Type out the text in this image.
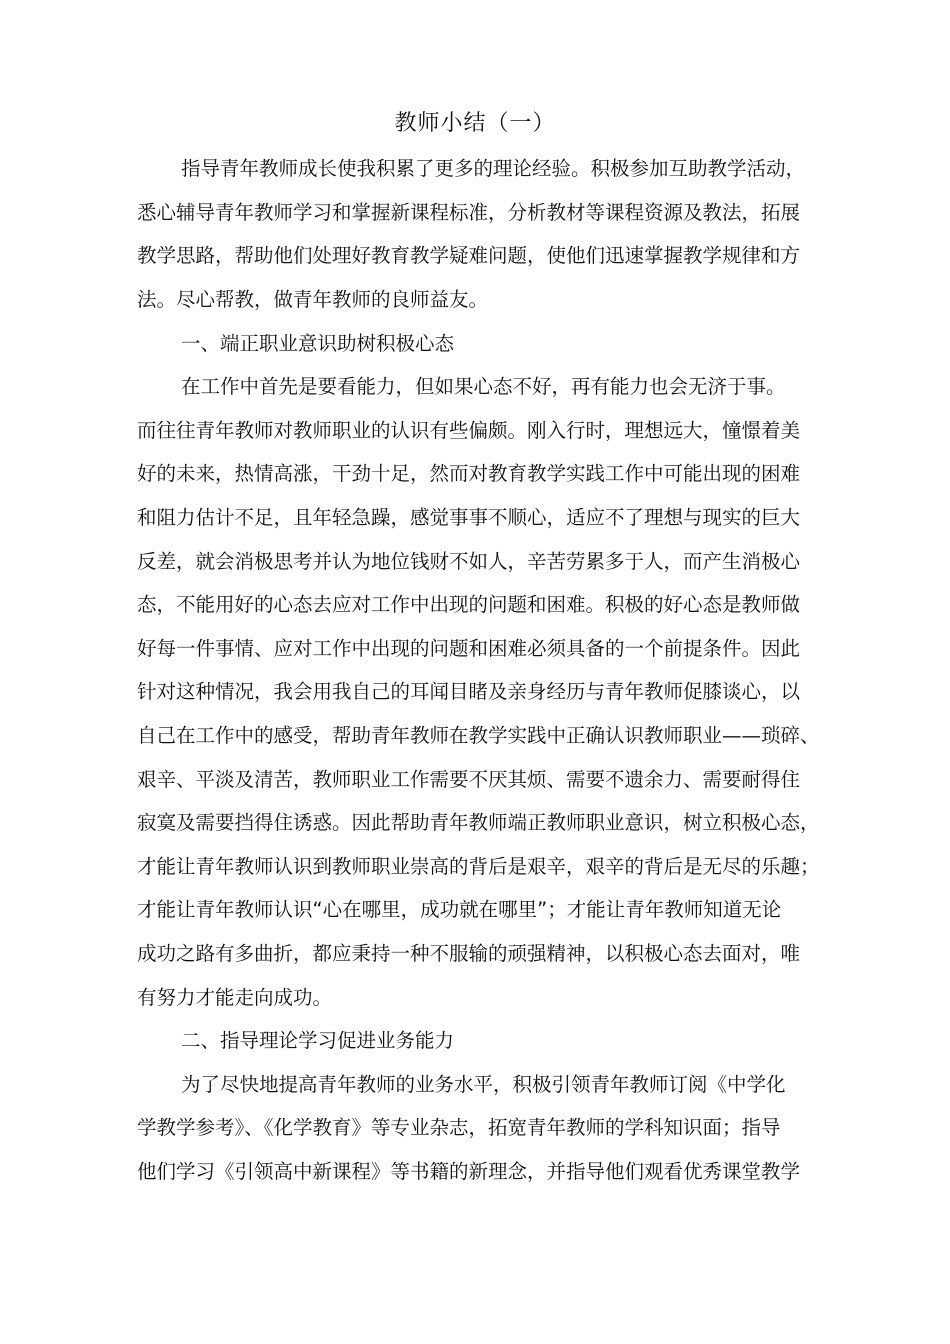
教师小结（一）
指导青年教师成长使我积累了更多的理论经验。积极参加互助教学活动，
悉心辅导青年教师学习和掌握新课程标准，分析教材等课程资源及教法，拓展
教学思路，帮助他们处理好教育教学疑难问题，使他们迅速掌握教学规律和方
法。尽心帮教，做青年教师的良师益友。
一、端正职业意识助树积极心态
在工作中首先是要看能力，但如果心态不好，再有能力也会无济于事。
而往往青年教师对教师职业的认识有些偏颇。刚入行时，理想远大，憧憬着美
好的未来，热情高涨，干劲十足，然而对教育教学实践工作中可能出现的困难
和阻力估计不足，且年轻急躁，感觉事事不顺心，适应不了理想与现实的巨大
反差，就会消极思考并认为地位钱财不如人，辛苦劳累多于人，而产生消极心
态，不能用好的心态去应对工作中出现的问题和困难。积极的好心态是教师做
好每一件事情、应对工作中出现的问题和困难必须具备的一个前提条件。因此
针对这种情况，我会用我自己的耳闻目睹及亲身经历与青年教师促膝谈心，以
自己在工作中的感受，帮助青年教师在教学实践中正确认识教师职业——琐碎、
艰辛、平淡及清苦，教师职业工作需要不厌其烦、需要不遗余力、需要耐得住
寂寞及需要挡得住诱惑。因此帮助青年教师端正教师职业意识，树立积极心态，
才能让青年教师认识到教师职业崇高的背后是艰辛，艰辛的背后是无尽的乐趣；
才能让青年教师认识“心在哪里，成功就在哪里”；才能让青年教师知道无论
成功之路有多曲折，都应秉持一种不服输的顽强精神，以积极心态去面对，唯
有努力才能走向成功。
二、指导理论学习促进业务能力
为了尽快地提高青年教师的业务水平，积极引领青年教师订阅《中学化
学教学参考》、《化学教育》等专业杂志，拓宽青年教师的学科知识面；指导
他们学习《引领高中新课程》等书籍的新理念，并指导他们观看优秀课堂教学
